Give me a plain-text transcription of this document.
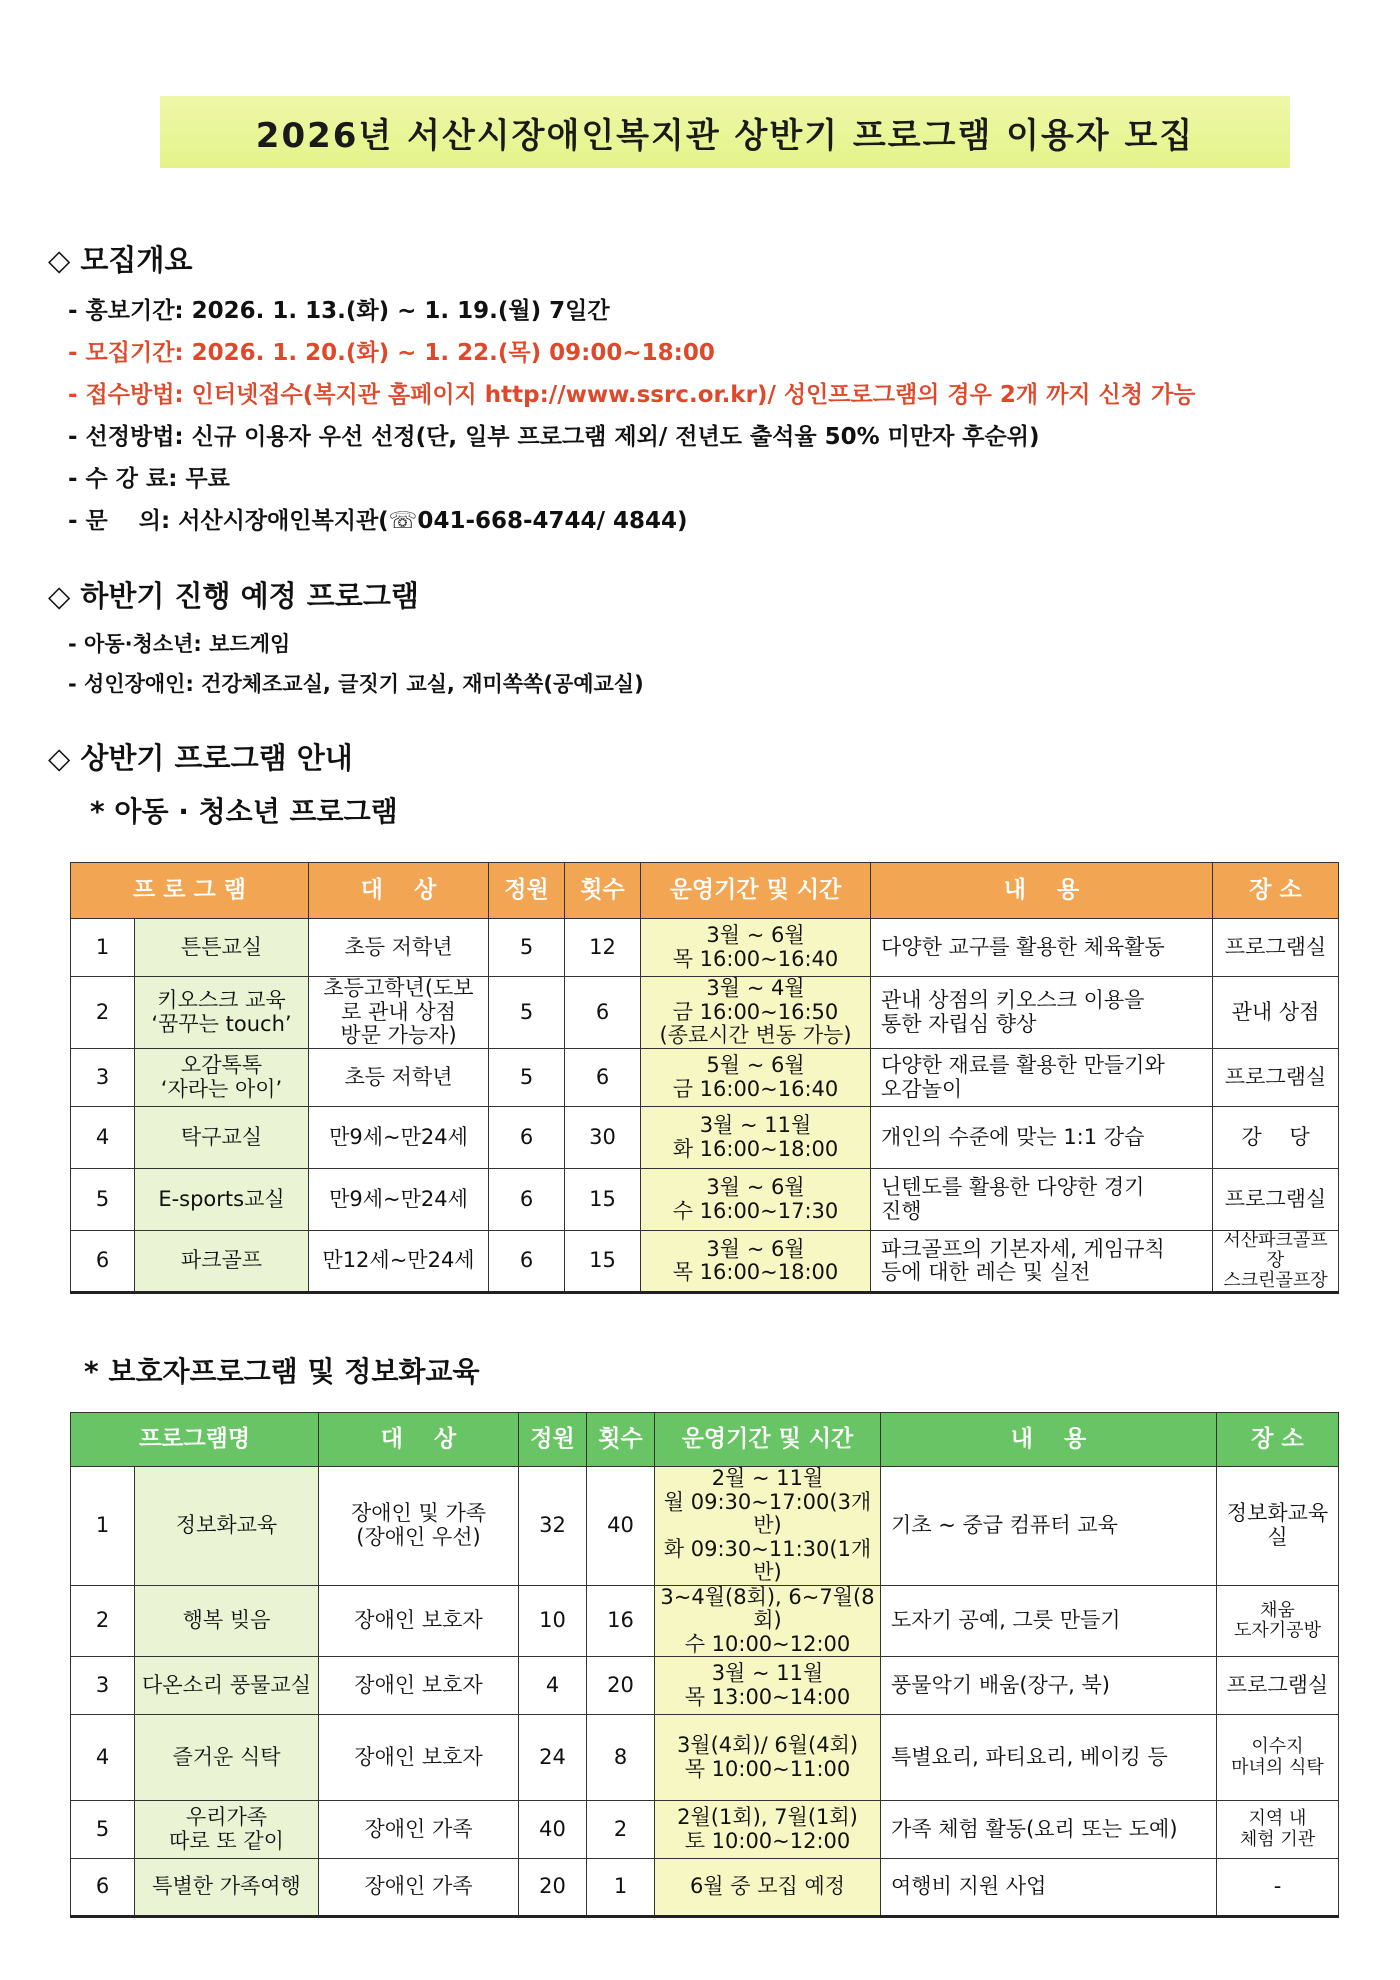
2026년 서산시장애인복지관 상반기 프로그램 이용자 모집
◇ 모집개요
- 홍보기간: 2026. 1. 13.(화) ~ 1. 19.(월) 7일간
- 모집기간: 2026. 1. 20.(화) ~ 1. 22.(목) 09:00~18:00
- 접수방법: 인터넷접수(복지관 홈페이지 http://www.ssrc.or.kr)/ 성인프로그램의 경우 2개 까지 신청 가능
- 선정방법: 신규 이용자 우선 선정(단, 일부 프로그램 제외/ 전년도 출석율 50% 미만자 후순위)
- 수 강 료: 무료
- 문　 의: 서산시장애인복지관(☏041-668-4744/ 4844)
◇ 하반기 진행 예정 프로그램
- 아동·청소년: 보드게임
- 성인장애인: 건강체조교실, 글짓기 교실, 재미쏙쏙(공예교실)
◇ 상반기 프로그램 안내
* 아동 · 청소년 프로그램
프 로 그 램		대　 상	정원	횟수	운영기간 및 시간	내　 용	장 소

1	튼튼교실	초등 저학년	5	12	3월 ~ 6월
목 16:00~16:40	다양한 교구를 활용한 체육활동	프로그램실

2	키오스크 교육
‘꿈꾸는 touch’	초등고학년(도보
로 관내 상점
방문 가능자)	5	6	3월 ~ 4월
금 16:00~16:50
(종료시간 변동 가능)	관내 상점의 키오스크 이용을
통한 자립심 향상	관내 상점

3	오감톡톡
‘자라는 아이’	초등 저학년	5	6	5월 ~ 6월
금 16:00~16:40	다양한 재료를 활용한 만들기와
오감놀이	프로그램실

4	탁구교실	만9세~만24세	6	30	3월 ~ 11월
화 16:00~18:00	개인의 수준에 맞는 1:1 강습	강　 당

5	E-sports교실	만9세~만24세	6	15	3월 ~ 6월
수 16:00~17:30	닌텐도를 활용한 다양한 경기
진행	프로그램실

6	파크골프	만12세~만24세	6	15	3월 ~ 6월
목 16:00~18:00	파크골프의 기본자세, 게임규칙
등에 대한 레슨 및 실전	서산파크골프장
스크린골프장
* 보호자프로그램 및 정보화교육
프로그램명		대　 상	정원	횟수	운영기간 및 시간	내　 용	장 소

1	정보화교육	장애인 및 가족
(장애인 우선)	32	40	2월 ~ 11월
월 09:30~17:00(3개반)
화 09:30~11:30(1개반)	기초 ~ 중급 컴퓨터 교육	정보화교육실

2	행복 빚음	장애인 보호자	10	16	3~4월(8회), 6~7월(8회)
수 10:00~12:00	도자기 공예, 그릇 만들기	채움
도자기공방

3	다온소리 풍물교실	장애인 보호자	4	20	3월 ~ 11월
목 13:00~14:00	풍물악기 배움(장구, 북)	프로그램실

4	즐거운 식탁	장애인 보호자	24	8	3월(4회)/ 6월(4회)
목 10:00~11:00	특별요리, 파티요리, 베이킹 등	이수지
마녀의 식탁

5	우리가족
따로 또 같이	장애인 가족	40	2	2월(1회), 7월(1회)
토 10:00~12:00	가족 체험 활동(요리 또는 도예)	지역 내
체험 기관

6	특별한 가족여행	장애인 가족	20	1	6월 중 모집 예정	여행비 지원 사업	-
